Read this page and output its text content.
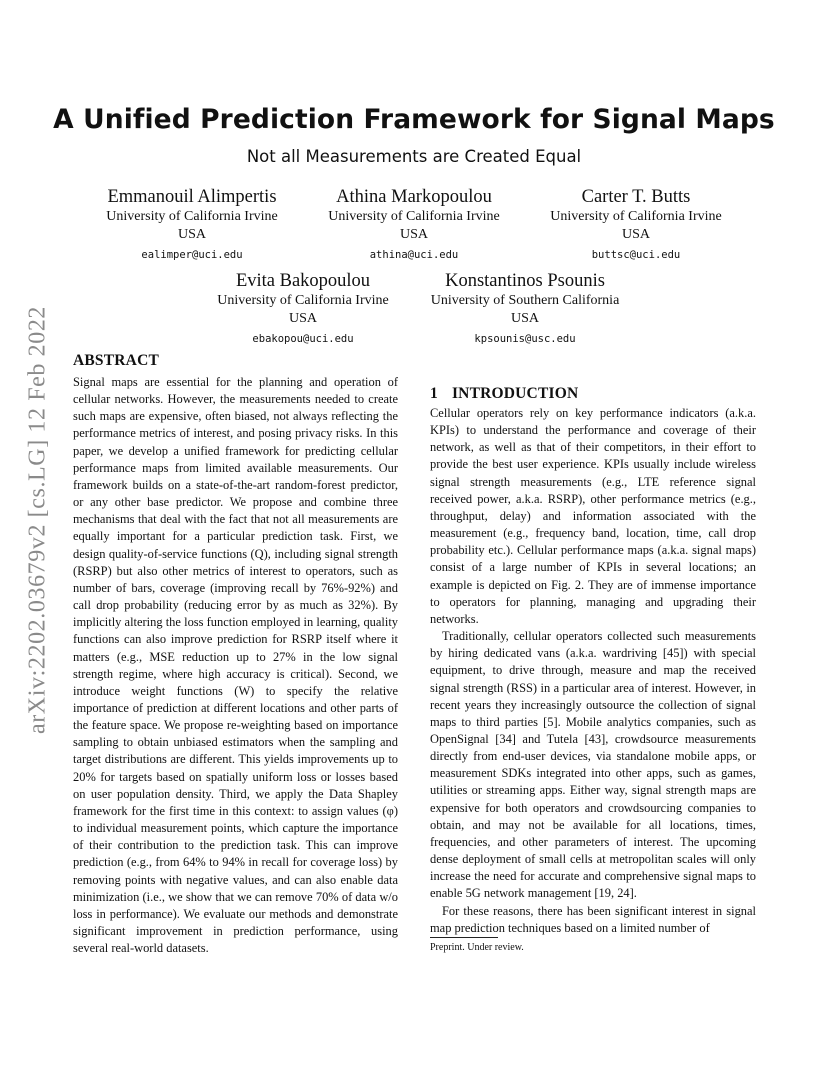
arXiv:2202.03679v2 [cs.LG] 12 Feb 2022
A Unified Prediction Framework for Signal Maps
Not all Measurements are Created Equal
Emmanouil Alimpertis
University of California Irvine
USA
ealimper@uci.edu
Athina Markopoulou
University of California Irvine
USA
athina@uci.edu
Carter T. Butts
University of California Irvine
USA
buttsc@uci.edu
Evita Bakopoulou
University of California Irvine
USA
ebakopou@uci.edu
Konstantinos Psounis
University of Southern California
USA
kpsounis@usc.edu
ABSTRACT

Signal maps are essential for the planning and operation of cellular networks. However, the measurements needed to create such maps are expensive, often biased, not always reflecting the performance metrics of interest, and posing privacy risks. In this paper, we develop a unified framework for predicting cellular performance maps from limited available measurements. Our framework builds on a state-of-the-art random-forest predictor, or any other base predictor. We propose and combine three mechanisms that deal with the fact that not all measurements are equally important for a particular prediction task. First, we design quality-of-service functions (Q), including signal strength (RSRP) but also other metrics of interest to operators, such as number of bars, coverage (improving recall by 76%-92%) and call drop probability (reducing error by as much as 32%). By implicitly altering the loss function employed in learning, quality functions can also improve prediction for RSRP itself where it matters (e.g., MSE reduction up to 27% in the low signal strength regime, where high accuracy is critical). Second, we introduce weight functions (W) to specify the relative importance of prediction at different locations and other parts of the feature space. We propose re-weighting based on importance sampling to obtain unbiased estimators when the sampling and target distributions are different. This yields improvements up to 20% for targets based on spatially uniform loss or losses based on user population density. Third, we apply the Data Shapley framework for the first time in this context: to assign values (φ) to individual measurement points, which capture the importance of their contribution to the prediction task. This can improve prediction (e.g., from 64% to 94% in recall for coverage loss) by removing points with negative values, and can also enable data minimization (i.e., we show that we can remove 70% of data w/o loss in performance). We evaluate our methods and demonstrate significant improvement in prediction performance, using several real-world datasets.

1 INTRODUCTION

Cellular operators rely on key performance indicators (a.k.a. KPIs) to understand the performance and coverage of their network, as well as that of their competitors, in their effort to provide the best user experience. KPIs usually include wireless signal strength measurements (e.g., LTE reference signal received power, a.k.a. RSRP), other performance metrics (e.g., throughput, delay) and information associated with the measurement (e.g., frequency band, location, time, call drop probability etc.). Cellular performance maps (a.k.a. signal maps) consist of a large number of KPIs in several locations; an example is depicted on Fig. 2. They are of immense importance to operators for planning, managing and upgrading their networks.

Traditionally, cellular operators collected such measurements by hiring dedicated vans (a.k.a. wardriving [45]) with special equipment, to drive through, measure and map the received signal strength (RSS) in a particular area of interest. However, in recent years they increasingly outsource the collection of signal maps to third parties [5]. Mobile analytics companies, such as OpenSignal [34] and Tutela [43], crowdsource measurements directly from end-user devices, via standalone mobile apps, or measurement SDKs integrated into other apps, such as games, utilities or streaming apps. Either way, signal strength maps are expensive for both operators and crowdsourcing companies to obtain, and may not be available for all locations, times, frequencies, and other parameters of interest. The upcoming dense deployment of small cells at metropolitan scales will only increase the need for accurate and comprehensive signal maps to enable 5G network management [19, 24].

For these reasons, there has been significant interest in signal map prediction techniques based on a limited number of

Preprint. Under review.
